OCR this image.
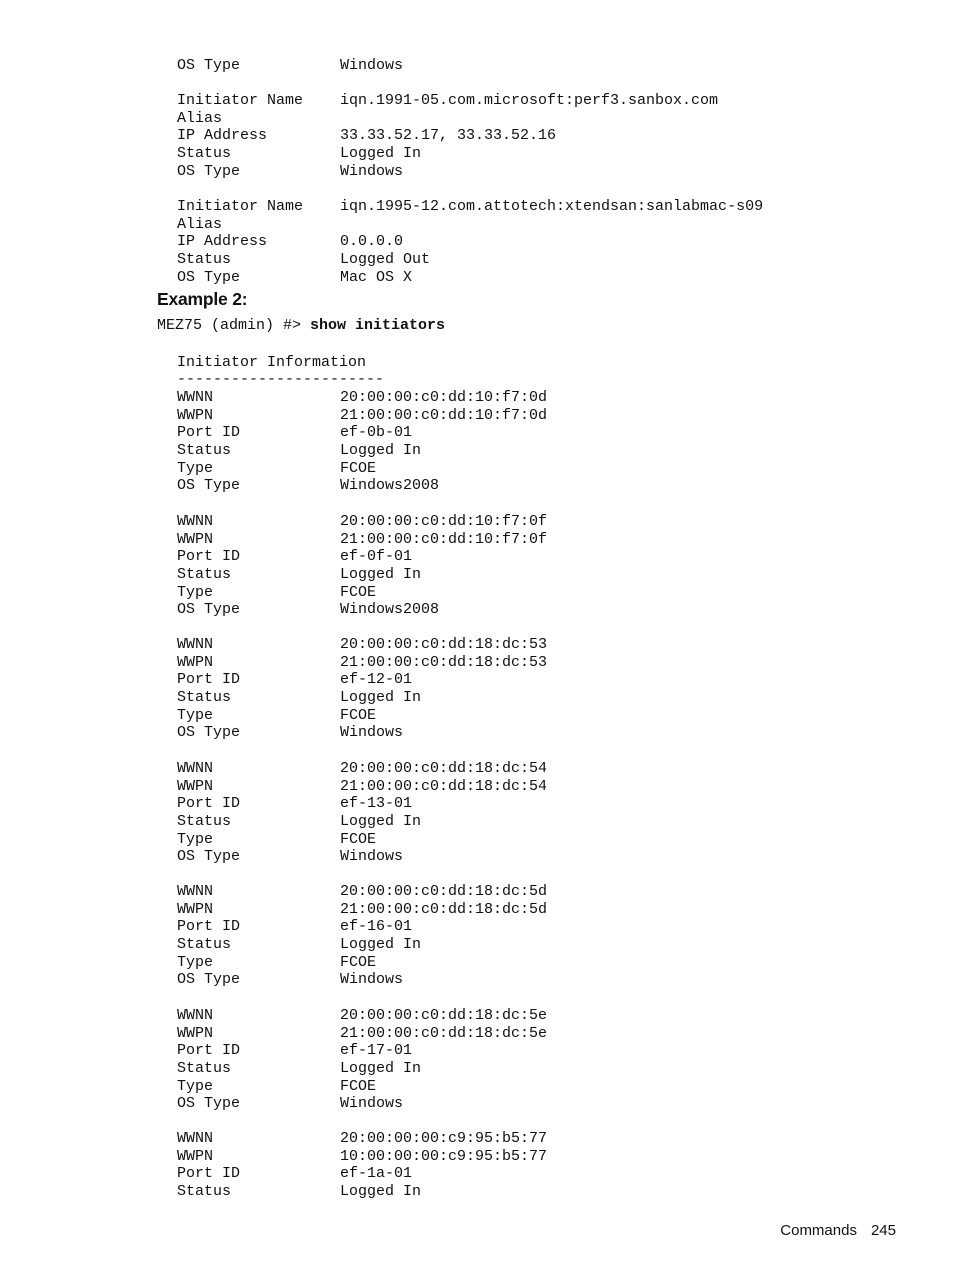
OS Type	Windows
Initiator Name iqn.1991-05.com.microsoft:perf3.sanbox.com
Alias
IP Address	33.33.52.17, 33.33.52.16
Status	Logged In
OS Type	Windows
Initiator Name iqn.1995-12.com.attotech:xtendsan:sanlabmac-s09
Alias
IP Address	0.0.0.0
Status	Logged Out
OS Type	Mac OS X
Example 2:
MEZ75 (admin) #> show initiators
Initiator Information
-----------------------
WWNN	20:00:00:c0:dd:10:f7:0d
WWPN	21:00:00:c0:dd:10:f7:0d
Port ID	ef-0b-01
Status	Logged In
Type	FCOE
OS Type	Windows2008
WWNN	20:00:00:c0:dd:10:f7:0f
WWPN	21:00:00:c0:dd:10:f7:0f
Port ID	ef-0f-01
Status	Logged In
Type	FCOE
OS Type	Windows2008
WWNN	20:00:00:c0:dd:18:dc:53
WWPN	21:00:00:c0:dd:18:dc:53
Port ID	ef-12-01
Status	Logged In
Type	FCOE
OS Type	Windows
WWNN	20:00:00:c0:dd:18:dc:54
WWPN	21:00:00:c0:dd:18:dc:54
Port ID	ef-13-01
Status	Logged In
Type	FCOE
OS Type	Windows
WWNN	20:00:00:c0:dd:18:dc:5d
WWPN	21:00:00:c0:dd:18:dc:5d
Port ID	ef-16-01
Status	Logged In
Type	FCOE
OS Type	Windows
WWNN	20:00:00:c0:dd:18:dc:5e
WWPN	21:00:00:c0:dd:18:dc:5e
Port ID	ef-17-01
Status	Logged In
Type	FCOE
OS Type	Windows
WWNN	20:00:00:00:c9:95:b5:77
WWPN	10:00:00:00:c9:95:b5:77
Port ID	ef-1a-01
Status	Logged In
Commands 245
